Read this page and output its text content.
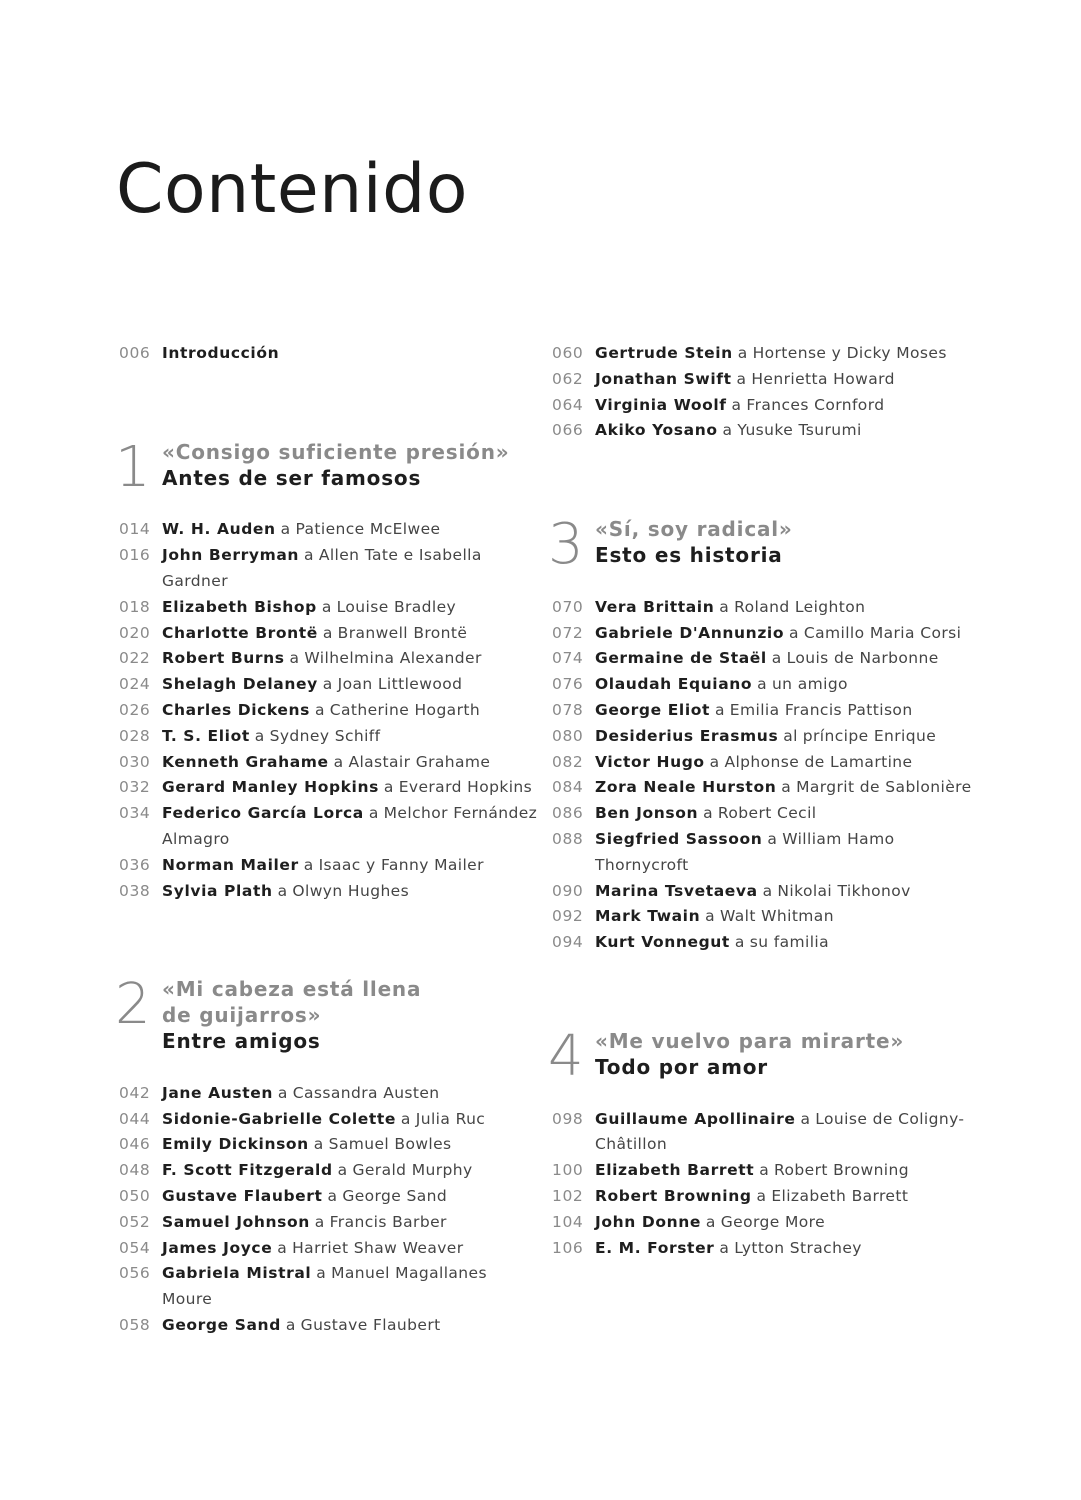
Contenido
006 Introducción
1 «Consigo suficiente presión»
Antes de ser famosos
014 W. H. Auden a Patience McElwee
016 John Berryman a Allen Tate e Isabella Gardner
018 Elizabeth Bishop a Louise Bradley
020 Charlotte Brontë a Branwell Brontë
022 Robert Burns a Wilhelmina Alexander
024 Shelagh Delaney a Joan Littlewood
026 Charles Dickens a Catherine Hogarth
028 T. S. Eliot a Sydney Schiff
030 Kenneth Grahame a Alastair Grahame
032 Gerard Manley Hopkins a Everard Hopkins
034 Federico García Lorca a Melchor Fernández Almagro
036 Norman Mailer a Isaac y Fanny Mailer
038 Sylvia Plath a Olwyn Hughes
2 «Mi cabeza está llena
de guijarros»
Entre amigos
042 Jane Austen a Cassandra Austen
044 Sidonie-Gabrielle Colette a Julia Ruc
046 Emily Dickinson a Samuel Bowles
048 F. Scott Fitzgerald a Gerald Murphy
050 Gustave Flaubert a George Sand
052 Samuel Johnson a Francis Barber
054 James Joyce a Harriet Shaw Weaver
056 Gabriela Mistral a Manuel Magallanes Moure
058 George Sand a Gustave Flaubert
060 Gertrude Stein a Hortense y Dicky Moses
062 Jonathan Swift a Henrietta Howard
064 Virginia Woolf a Frances Cornford
066 Akiko Yosano a Yusuke Tsurumi
3 «Sí, soy radical»
Esto es historia
070 Vera Brittain a Roland Leighton
072 Gabriele D'Annunzio a Camillo Maria Corsi
074 Germaine de Staël a Louis de Narbonne
076 Olaudah Equiano a un amigo
078 George Eliot a Emilia Francis Pattison
080 Desiderius Erasmus al príncipe Enrique
082 Victor Hugo a Alphonse de Lamartine
084 Zora Neale Hurston a Margrit de Sablonière
086 Ben Jonson a Robert Cecil
088 Siegfried Sassoon a William Hamo Thornycroft
090 Marina Tsvetaeva a Nikolai Tikhonov
092 Mark Twain a Walt Whitman
094 Kurt Vonnegut a su familia
4 «Me vuelvo para mirarte»
Todo por amor
098 Guillaume Apollinaire a Louise de Coligny-Châtillon
100 Elizabeth Barrett a Robert Browning
102 Robert Browning a Elizabeth Barrett
104 John Donne a George More
106 E. M. Forster a Lytton Strachey
